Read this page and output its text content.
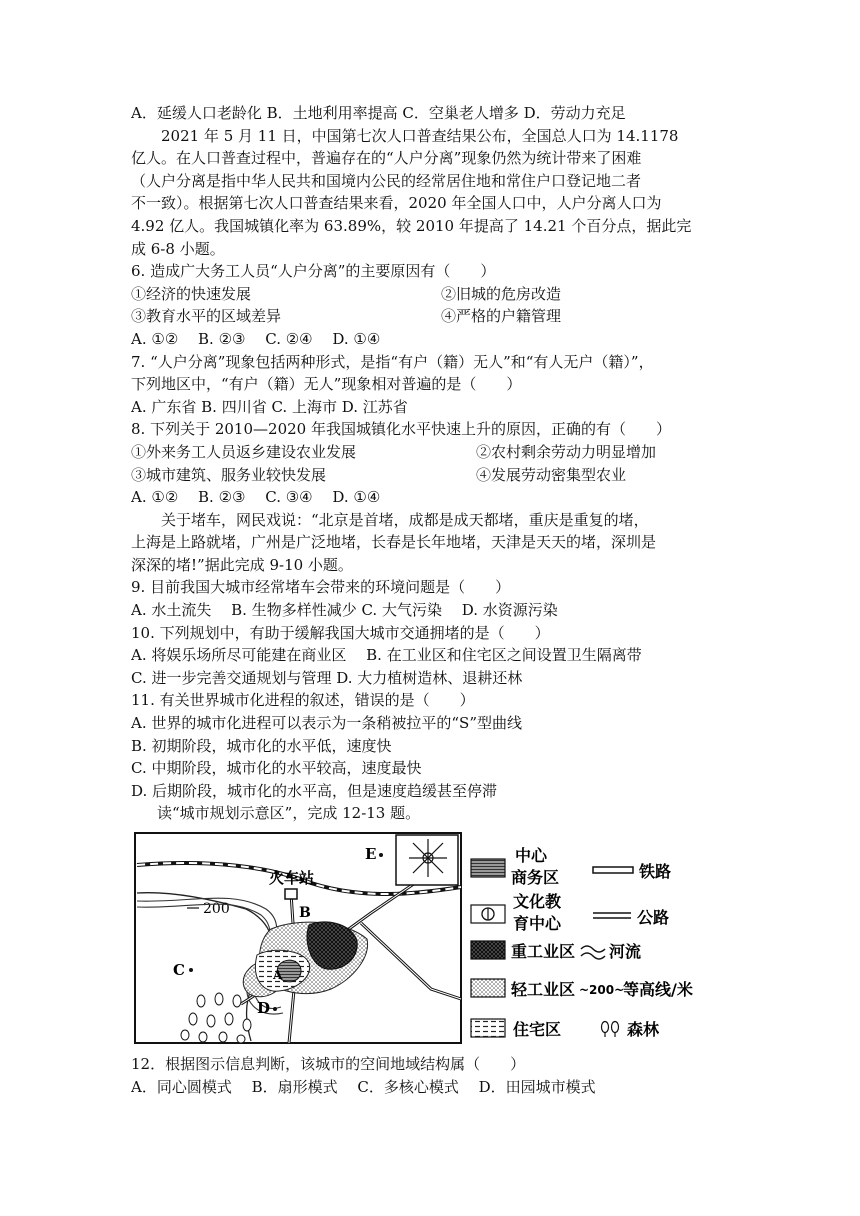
A．延缓人口老龄化 B．土地利用率提高 C．空巢老人增多 D．劳动力充足
2021 年 5 月 11 日，中国第七次人口普查结果公布，全国总人口为 14.1178
亿人。在人口普查过程中，普遍存在的“人户分离”现象仍然为统计带来了困难
（人户分离是指中华人民共和国境内公民的经常居住地和常住户口登记地二者
不一致）。根据第七次人口普查结果来看，2020 年全国人口中，人户分离人口为
4.92 亿人。我国城镇化率为 63.89%，较 2010 年提高了 14.21 个百分点，据此完
成 6-8 小题。
6. 造成广大务工人员“人户分离”的主要原因有（　　）
①经济的快速发展	②旧城的危房改造
③教育水平的区域差异	④严格的户籍管理
A. ①②　 B. ②③　 C. ②④　 D. ①④
7. “人户分离”现象包括两种形式，是指“有户（籍）无人”和“有人无户（籍）”，
下列地区中，“有户（籍）无人”现象相对普遍的是（　　）
A. 广东省 B. 四川省 C. 上海市 D. 江苏省
8. 下列关于 2010—2020 年我国城镇化水平快速上升的原因，正确的有（　　）
①外来务工人员返乡建设农业发展	②农村剩余劳动力明显增加
③城市建筑、服务业较快发展	④发展劳动密集型农业
A. ①②　 B. ②③　 C. ③④　 D. ①④
关于堵车，网民戏说：“北京是首堵，成都是成天都堵，重庆是重复的堵，
上海是上路就堵，广州是广泛地堵，长春是长年地堵，天津是天天的堵，深圳是
深深的堵!”据此完成 9-10 小题。
9. 目前我国大城市经常堵车会带来的环境问题是（　　）
A. 水土流失　 B. 生物多样性减少 C. 大气污染　 D. 水资源污染
10. 下列规划中，有助于缓解我国大城市交通拥堵的是（　　）
A. 将娱乐场所尽可能建在商业区　 B. 在工业区和住宅区之间设置卫生隔离带
C. 进一步完善交通规划与管理 D. 大力植树造林、退耕还林
11. 有关世界城市化进程的叙述，错误的是（　　）
A. 世界的城市化进程可以表示为一条稍被拉平的“S”型曲线
B. 初期阶段，城市化的水平低，速度快
C. 中期阶段，城市化的水平较高，速度最快
D. 后期阶段，城市化的水平高，但是速度趋缓甚至停滞
读“城市规划示意区”，完成 12-13 题。
200
A
火车站
B
C
D
E	中心
商务区	铁路
文化教
育中心	公路
重工业区 河流
轻工业区 ~200~
等高线/米
住宅区	森林
12．根据图示信息判断，该城市的空间地域结构属（　　）
A．同心圆模式　 B．扇形模式　 C．多核心模式　 D．田园城市模式
